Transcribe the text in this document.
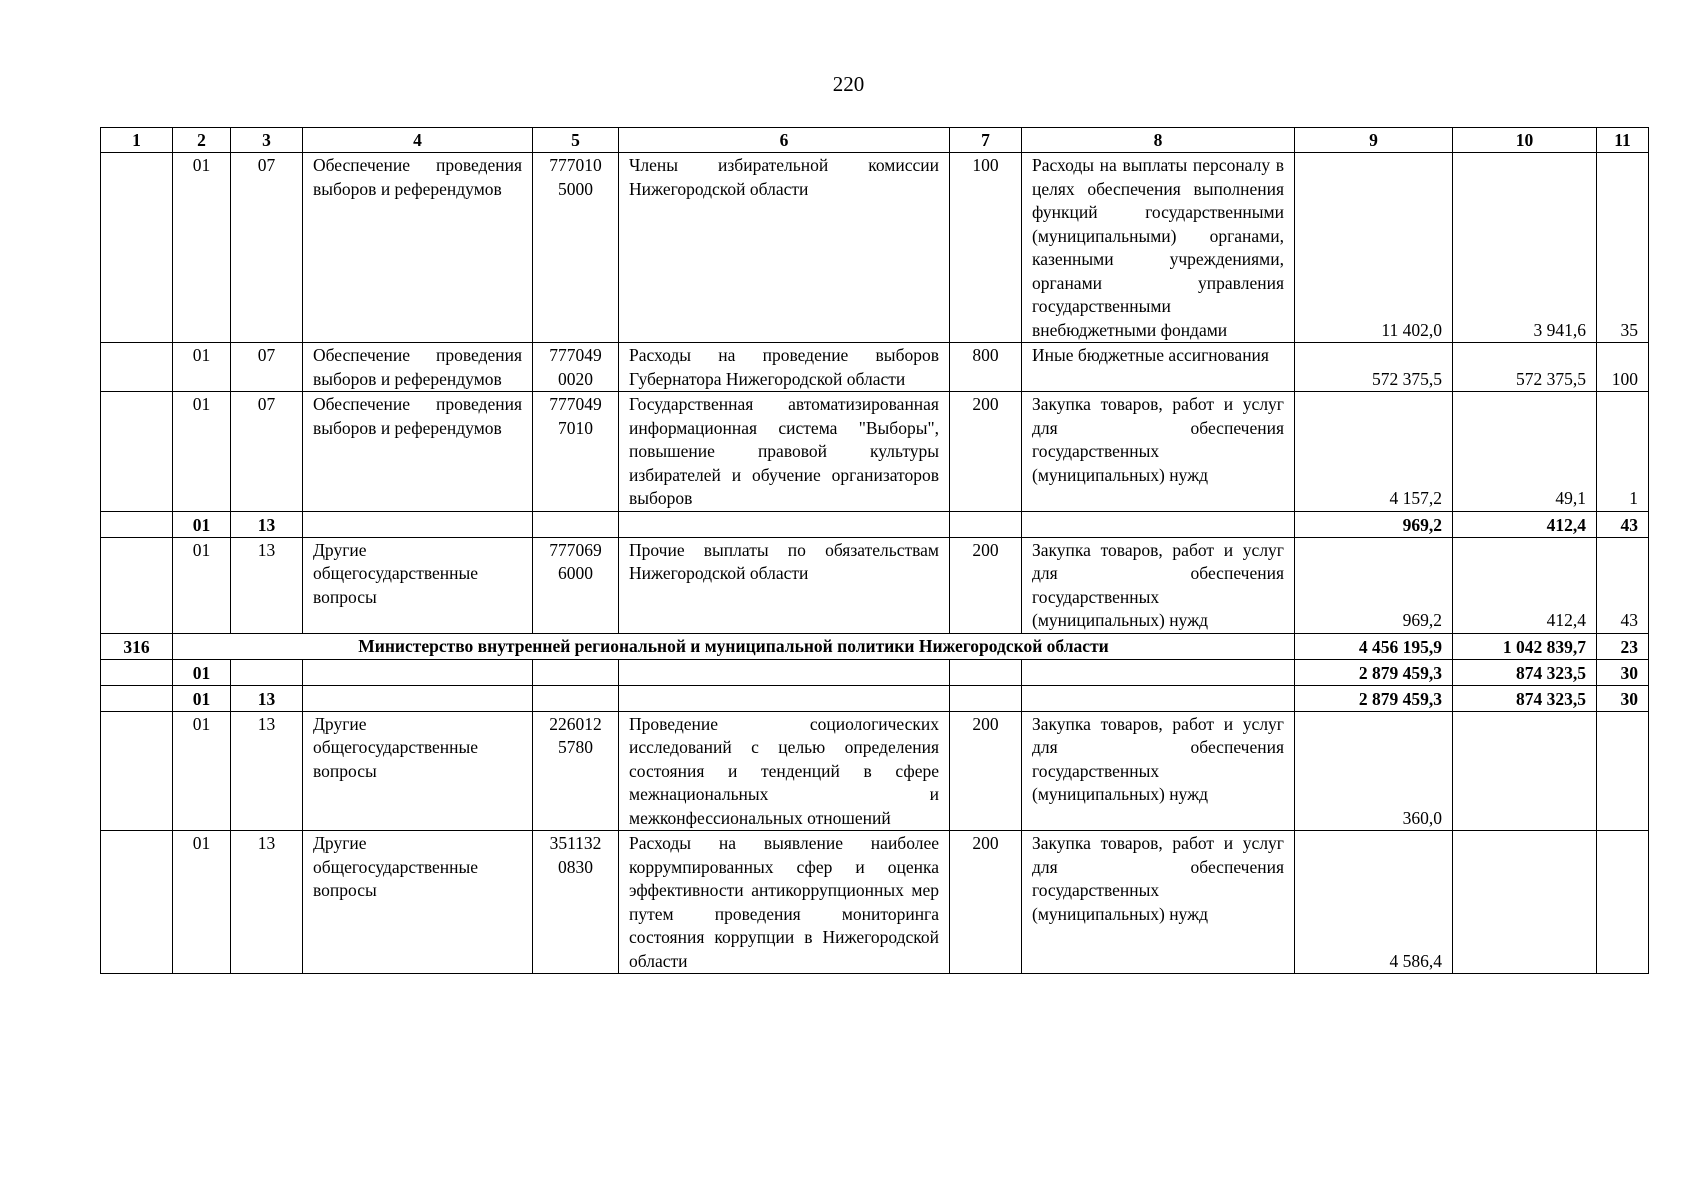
220
1	2	3	4	5	6	7	8	9	10	11
	01	07	Обеспечение проведения выборов и референдумов	777010 5000	Члены избирательной комиссии Нижегородской области	100	Расходы на выплаты персоналу в целях обеспечения выполнения функций государственными (муниципальными) органами, казенными учреждениями, органами управления государственными внебюджетными фондами	11 402,0	3 941,6	35
	01	07	Обеспечение проведения выборов и референдумов	777049 0020	Расходы на проведение выборов Губернатора Нижегородской области	800	Иные бюджетные ассигнования	572 375,5	572 375,5	100
	01	07	Обеспечение проведения выборов и референдумов	777049 7010	Государственная автоматизированная информационная система "Выборы", повышение правовой культуры избирателей и обучение организаторов выборов	200	Закупка товаров, работ и услуг для обеспечения государственных (муниципальных) нужд	4 157,2	49,1	1
	01	13						969,2	412,4	43
	01	13	Другие общегосударственные вопросы	777069 6000	Прочие выплаты по обязательствам Нижегородской области	200	Закупка товаров, работ и услуг для обеспечения государственных (муниципальных) нужд	969,2	412,4	43
316	Министерство внутренней региональной и муниципальной политики Нижегородской области							4 456 195,9	1 042 839,7	23
	01							2 879 459,3	874 323,5	30
	01	13						2 879 459,3	874 323,5	30
	01	13	Другие общегосударственные вопросы	226012 5780	Проведение социологических исследований с целью определения состояния и тенденций в сфере межнациональных и межконфессиональных отношений	200	Закупка товаров, работ и услуг для обеспечения государственных (муниципальных) нужд	360,0		
	01	13	Другие общегосударственные вопросы	351132 0830	Расходы на выявление наиболее коррумпированных сфер и оценка эффективности антикоррупционных мер путем проведения мониторинга состояния коррупции в Нижегородской области	200	Закупка товаров, работ и услуг для обеспечения государственных (муниципальных) нужд	4 586,4		
